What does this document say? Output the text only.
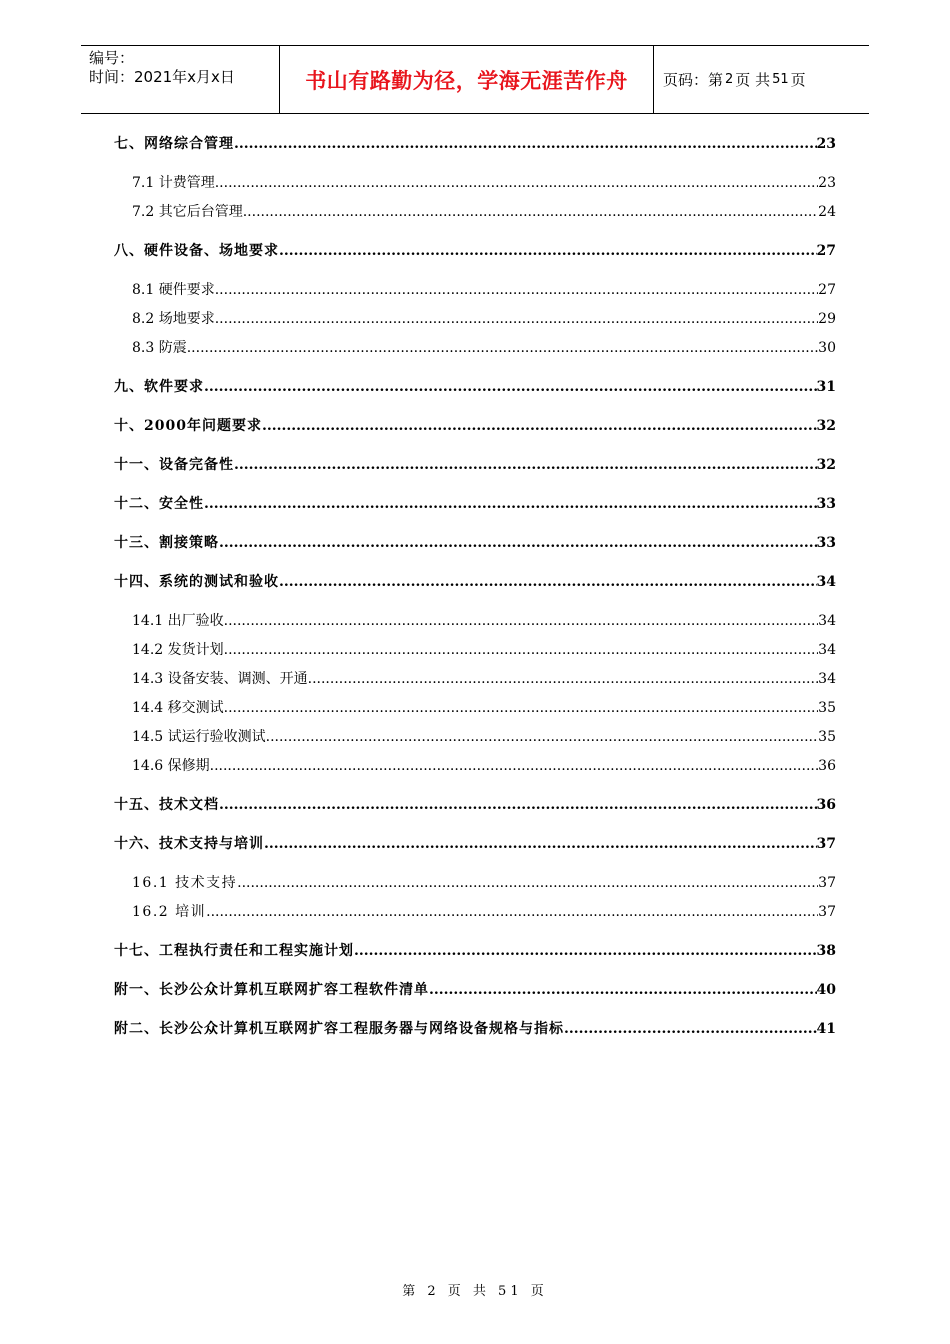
编号：
时间：2021年x月x日	书山有路勤为径，学海无涯苦作舟	页码：第 2 页 共 51 页
七、网络综合管理 .....	23
7.1 计费管理 .....	23
7.2 其它后台管理 .....	24
八、硬件设备、场地要求 .....	27
8.1 硬件要求 .....	27
8.2 场地要求 .....	29
8.3 防震 .....	30
九、软件要求 .....	31
十、2000年问题要求 .....	32
十一、设备完备性 .....	32
十二、安全性 .....	33
十三、割接策略 .....	33
十四、系统的测试和验收 .....	34
14.1 出厂验收 .....	34
14.2 发货计划 .....	34
14.3 设备安装、调测、开通 .....	34
14.4 移交测试 .....	35
14.5 试运行验收测试 .....	35
14.6 保修期 .....	36
十五、技术文档 .....	36
十六、技术支持与培训 .....	37
16.1 技术支持 .....	37
16.2 培训 .....	37
十七、工程执行责任和工程实施计划 .....	38
附一、长沙公众计算机互联网扩容工程软件清单 .....	40
附二、长沙公众计算机互联网扩容工程服务器与网络设备规格与指标 .....	41
第 2 页 共 51 页
